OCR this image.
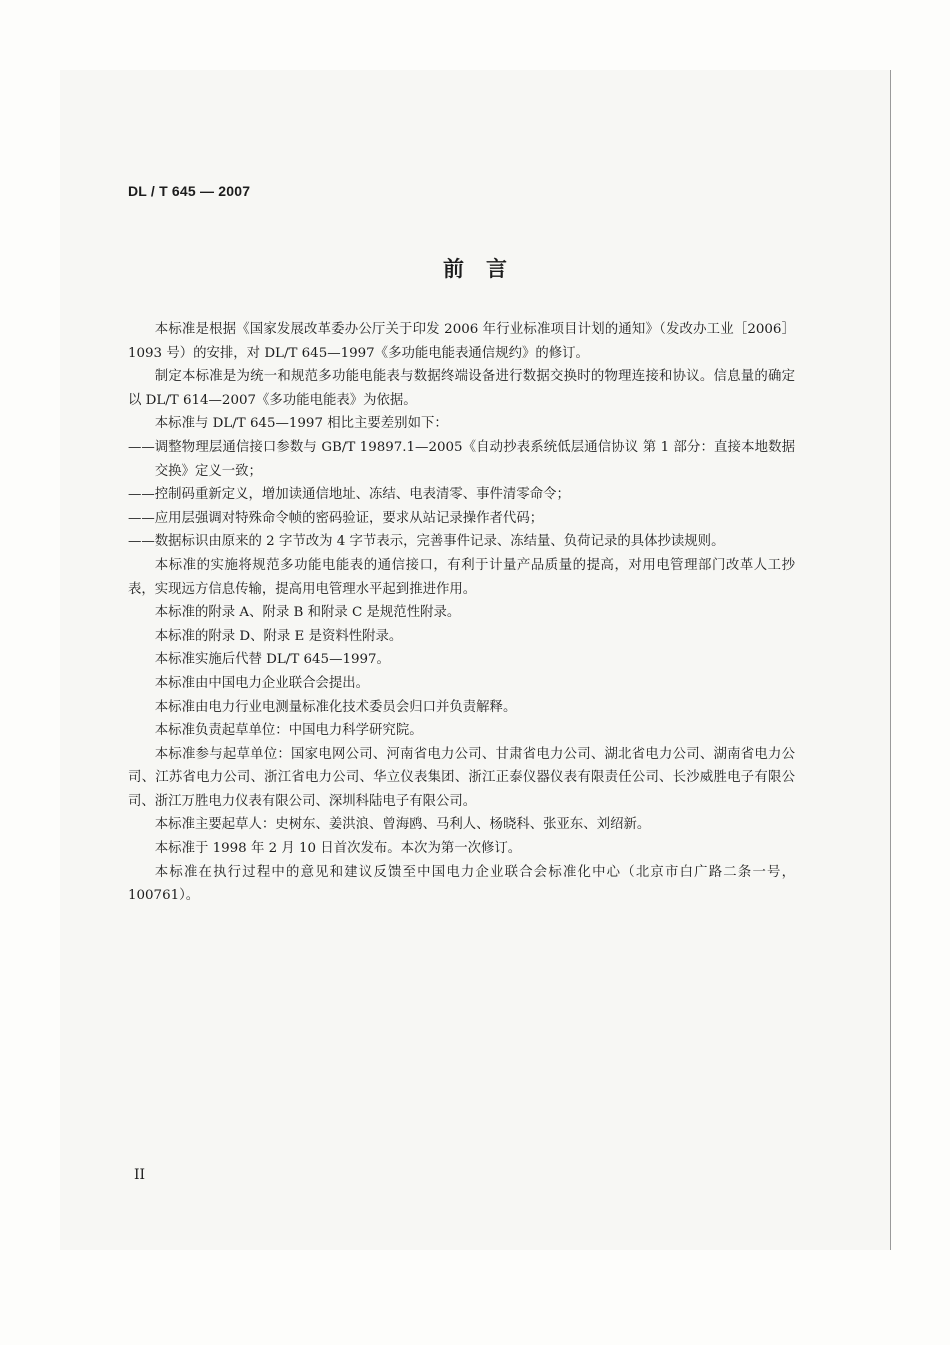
DL / T 645 — 2007
前言

本标准是根据《国家发展改革委办公厅关于印发 2006 年行业标准项目计划的通知》（发改办工业［2006］1093 号）的安排，对 DL/T 645—1997《多功能电能表通信规约》的修订。

制定本标准是为统一和规范多功能电能表与数据终端设备进行数据交换时的物理连接和协议。信息量的确定以 DL/T 614—2007《多功能电能表》为依据。

本标准与 DL/T 645—1997 相比主要差别如下：

—— 调整物理层通信接口参数与 GB/T 19897.1—2005《自动抄表系统低层通信协议 第 1 部分：直接本地数据交换》定义一致；
—— 控制码重新定义，增加读通信地址、冻结、电表清零、事件清零命令；
—— 应用层强调对特殊命令帧的密码验证，要求从站记录操作者代码；
—— 数据标识由原来的 2 字节改为 4 字节表示，完善事件记录、冻结量、负荷记录的具体抄读规则。

本标准的实施将规范多功能电能表的通信接口，有利于计量产品质量的提高，对用电管理部门改革人工抄表，实现远方信息传输，提高用电管理水平起到推进作用。

本标准的附录 A、附录 B 和附录 C 是规范性附录。

本标准的附录 D、附录 E 是资料性附录。

本标准实施后代替 DL/T 645—1997。

本标准由中国电力企业联合会提出。

本标准由电力行业电测量标准化技术委员会归口并负责解释。

本标准负责起草单位：中国电力科学研究院。

本标准参与起草单位：国家电网公司、河南省电力公司、甘肃省电力公司、湖北省电力公司、湖南省电力公司、江苏省电力公司、浙江省电力公司、华立仪表集团、浙江正泰仪器仪表有限责任公司、长沙威胜电子有限公司、浙江万胜电力仪表有限公司、深圳科陆电子有限公司。

本标准主要起草人：史树东、姜洪浪、曾海鸥、马利人、杨晓科、张亚东、刘绍新。

本标准于 1998 年 2 月 10 日首次发布。本次为第一次修订。

本标准在执行过程中的意见和建议反馈至中国电力企业联合会标准化中心（北京市白广路二条一号，100761）。

II
